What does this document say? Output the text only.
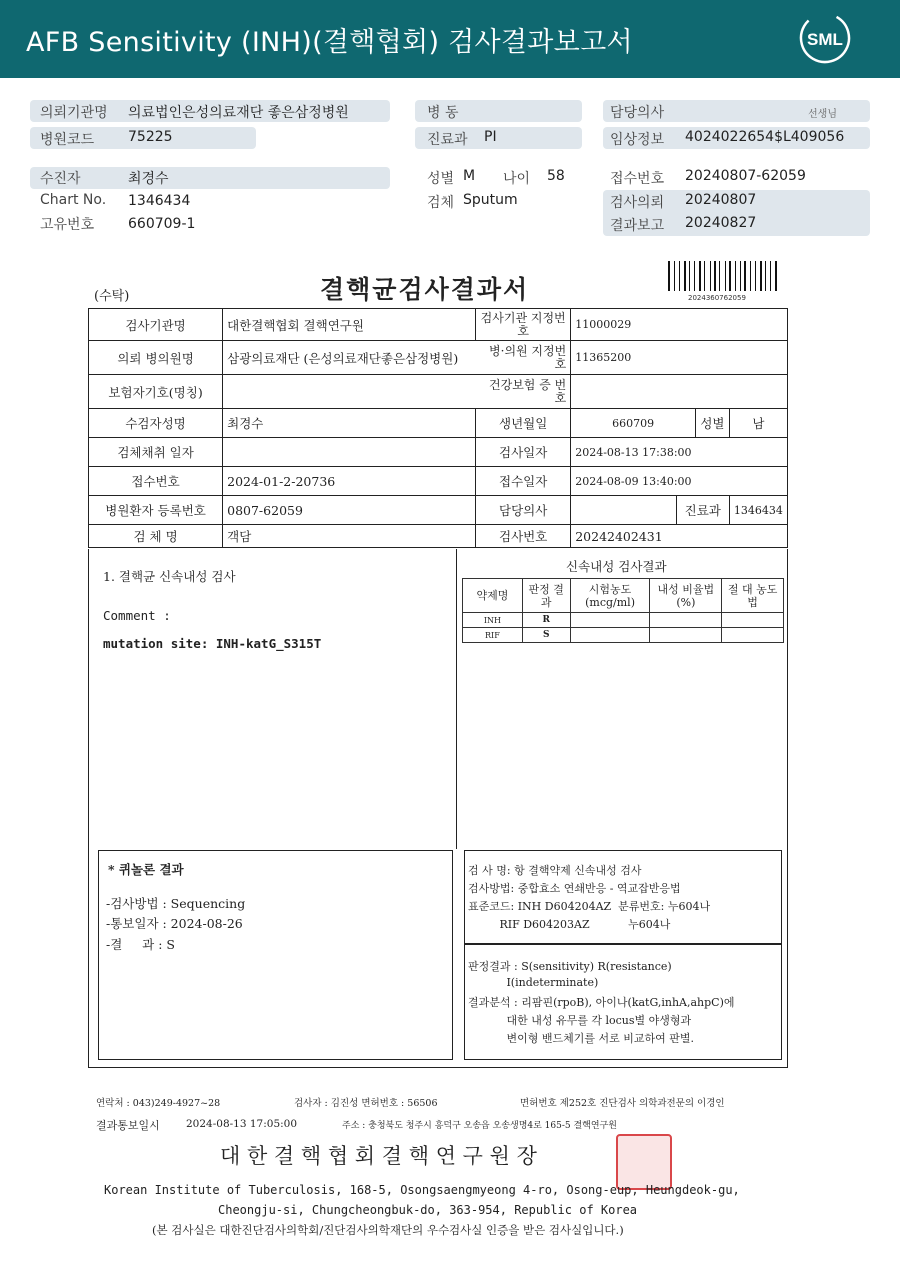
AFB Sensitivity (INH)(결핵협회) 검사결과보고서	SML
의뢰기관명 의료법인은성의료재단 좋은삼정병원
병원코드 75225
병 동
진료과 PI
담당의사	선생님
임상정보 4024022654$L409056
수진자	최경수
Chart No. 1346434
고유번호 660709-1
성별 M 나이 58
검체 Sputum
접수번호 20240807-62059
검사의뢰 20240807
결과보고 20240827
(수탁)	결핵균검사결과서	2024360762059
검사기관명	대한결핵협회 결핵연구원	검사기관 지정번호	11000029			
의뢰 병의원명	삼광의료재단 (은성의료재단좋은삼정병원)	병·의원 지정번호	11365200			
보험자기호(명칭)		건강보험 증 번 호				
수검자성명	최경수	생년월일	660709		성별	남
검체채취 일자		검사일자	2024-08-13 17:38:00			
접수번호	2024-01-2-20736	접수일자	2024-08-09 13:40:00			
병원환자 등록번호	0807-62059	담당의사		진료과		1346434
검 체 명	객담	검사번호	20242402431			
1. 결핵균 신속내성 검사
Comment :
mutation site: INH-katG_S315T
신속내성 검사결과
약제명	판정 결과	시험농도 (mcg/ml)	내성 비율법(%)	절 대 농도법
INH	R			
RIF	S			
* 퀴놀론 결과
-검사방법 : Sequencing
-통보일자 : 2024-08-26
-결     과 : S
검 사 명: 항 결핵약제 신속내성 검사
검사방법: 중합효소 연쇄반응 - 역교잡반응법
표준코드: INH D604204AZ  분류번호: 누604나
RIF D604203AZ           누604나
판정결과 : S(sensitivity) R(resistance)
I(indeterminate)
결과분석 : 리팜핀(rpoB), 아이나(katG,inhA,ahpC)에
대한 내성 유무를 각 locus별 야생형과
변이형 밴드체기를 서로 비교하여 판별.
연락처 : 043)249-4927~28	검사자 : 김진성 면허번호 : 56506	면허번호 제252호 진단검사 의학과전문의 이경인
결과통보일시 2024-08-13 17:05:00	주소 : 충청북도 청주시 흥덕구 오송읍 오송생명4로 165-5 결핵연구원
대 한 결 핵 협 회 결 핵 연 구 원 장
Korean Institute of Tuberculosis, 168-5, Osongsaengmyeong 4-ro, Osong-eup, Heungdeok-gu,
Cheongju-si, Chungcheongbuk-do, 363-954, Republic of Korea
(본 검사실은 대한진단검사의학회/진단검사의학재단의 우수검사실 인증을 받은 검사실입니다.)
